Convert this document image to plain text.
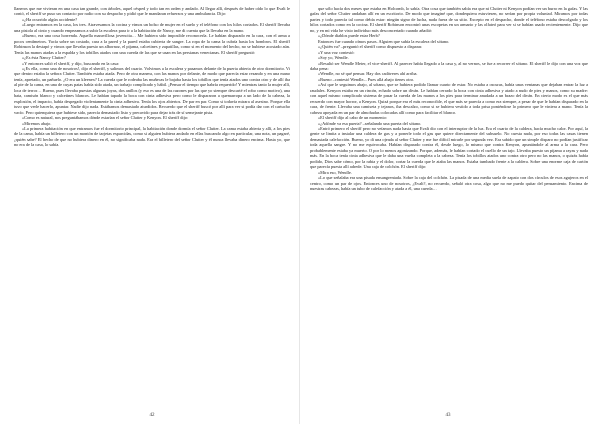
llaneros que me vivieran en una casa tan grande, con árboles, aquel césped y todo tan en orden y andado. Al llegar allí, después de haber oído lo que Evalt le contó, el sheriff se puso un contacto por radio con su despacho y pidió que le mandaran refuerzos y una ambulancia. Dijo:

»¿Ha ocurrido algún accidente?

»Luego entramos en la casa, los tres. Atravesamos la cocina y vimos un bolso de mujer en el suelo y el teléfono con los hilos cortados. El sheriff llevaba una pistola al cinto y cuando empezamos a subir la escalera para ir a la habitación de Nancy, me di cuenta que la llevaba en la mano.

»Bueno, era una cosa horrenda. Aquella maravillosa jovencita… Me hubiera sido imposible reconocerla. Le habían disparado en la cara, con el arma a pocos centímetros. Yacía sobre un costado, cara a la pared y la pared estaba cubierta de sangre. La ropa de la cama la cubría hasta los hombros. El sheriff Robinson la destapó y vimos que llevaba puesto un albornoz, el pijama, calcetines y zapatillas, como si en el momento del hecho, no se hubiese acostado aún. Tenía las manos atadas a la espalda y los tobillos atados con una cuerda de las que se usan en las persianas venecianas. El sheriff preguntó:

»¿Es ésta Nancy Clutter?

»Y entonces salió el sheriff, y dijo, buscando en la casa:

»¡Es ella, como una de nosotros!, dijo el sheriff, y salimos del cuarto. Volvimos a la escalera y pasamos delante de la puerta abierta de otro dormitorio. Vi que dentro estaba la señora Clutter. También estaba atada. Pero de otra manera, con las manos por delante, de modo que parecía estar rezando y en una mano tenía, apretado, un pañuelo. ¿O era un kleenex? La cuerda que le rodeaba las muñecas le bajaba hasta los tobillos que tenía atados uno contra otro y de allí iba al pie de la cama, en una de cuyas patas había sido atada, un trabajo complicado y hábil. ¡Pensar el tiempo que habría requerido! Y mientras tanto la mujer allí, loca de terror… Bueno, pues llevaba puestas algunas joyas, dos anillos (y eso es una de las razones por las que yo siempre descarté el robo como motivo), una bata, camisón blanco y calcetines blancos. Le habían tapado la boca con cinta adhesiva pero como le dispararon a quemarropa a un lado de la cabeza, la explosión, el impacto, había despegado violentamente la cinta adhesiva. Tenía los ojos abiertos. De par en par. Como si todavía mirara al asesino. Porque ella tuvo que verle hacerlo, apuntar. Nadie dijo nada. Estábamos demasiado aturdidos. Recuerdo que el sheriff buscó por allí para ver si podía dar con el cartucho vacío. Pero quienquiera que hubiese sido, parecía demasiado listo y precavido para dejar trás de sí semejante pista.

»Como es natural, nos preguntábamos dónde estarían el señor Clutter y Kenyon. El sheriff dijo:

»Miremos abajo.

»La primera habitación en que entramos fue el dormitorio principal, la habitación donde dormía el señor Clutter. La cama estaba abierta y allí, a los pies de la cama, había un billetero con un montón de tarjetas esparcidas, como si alguien hubiera andado en ellas buscando algo en particular, una nota, un pagaré, ¿quién sabe? El hecho de que no hubiera dinero en él, no significaba nada. Era el billetero del señor Clutter y él nunca llevaba dinero encima. Hasta yo, que no era de la casa, lo sabía.

42

que sólo hacía dos meses que estaba en Holcomb, lo sabía. Otra cosa que también sabía era que ni Clutter ni Kenyon podían ver un burro en la gafas. Y las gafas del señor Clutter andaban allí en un escritorio. De modo que imaginé que, dondequiera estuviesen, no serían por propia voluntad. Miramos por todas partes y todo parecía tal como debía estar: ningún signo de lucha, nada fuera de su sitio. Excepto en el despacho, donde el teléfono estaba descolgado y los hilos cortados como en la cocina. El sheriff Robinson encontró unas escopetas en un armario y las olfateó para ver si se habían usado recientemente. Dijo que no, y en mi vida he visto individuo más desconcertado cuando añadió:

»¿Dónde diablos puede estar Herb?

Entonces fue cuando oímos pasos. Alguien que subía la escalera del sótano.

»¿Quién va? –preguntó el sheriff como dispuesto a disparar.

»Y una voz contestó:

»Soy yo, Wendle.

»Resultó ser Wendle Meier, el vice-sheriff. Al parecer había llegado a la casa y, al no vernos, se fue a recorrer el sótano. El sheriff le dijo con una voz que daba pena:

»Wendle, no sé qué pensar. Hay dos cadáveres ahí arriba.

»Bueno –contestó Wendle–. Pues allá abajo tienes otro.

»Así que le seguimos abajo, al sótano, que se hubiera podido llamar cuarto de estar. No estaba a oscuras, había unas ventanas que dejaban entrar la luz a raudales. Kenyon estaba en un rincón, echado sobre un diván. Le habían cerrado la boca con cinta adhesiva y atado a nudo de pies y manos, como su madre: con aquel mismo complicado sistema de pasar la cuerda de las manos a los pies para terminar anudada a un brazo del diván. En cierto modo es el que más recuerdo con mayor horror, a Kenyon. Quizá porque era el más reconocible, el que más se parecía a como era siempre, a pesar de que le habían disparado en la cara, de frente. Llevaba una camiseta y tejanos, iba descalzo, como si se hubiera vestido a toda prisa poniéndose lo primero que le viniera a mano. Tenía la cabeza apoyada en un par de almohadas colocadas allí como para facilitar el blanco.

»El sheriff dijo al cabo de un momento:

»¿Adónde va esa puerta? –señalando una puerta del sótano.

»Entró primero el sheriff pero no veíamos nada hasta que Evalt dio con el interruptor de la luz. Era el cuarto de la caldera, hacía mucho calor. Por aquí, la gente se limita a instalar una caldera de gas y a ponerle todo el gas que quiere directamente del subsuelo. No cuesta nada, por eso todas las casas tienen demasiada calefacción. Bueno, yo di una ojeada al señor Clutter y me fue difícil mirarle por segunda vez. Era sabido que un simple disparo no podían justificar toda aquella sangre. Y no me equivocaba. Habían disparado contra él, desde luego, lo mismo que contra Kenyon, apuntándole al arma a la cara. Pero probablemente estaba ya muerto. O por lo menos agonizando. Porque, además, le habían cortado el cuello de un tajo. Llevaba puesto un pijama a rayas y nada más. En la boca tenía cinta adhesiva que le daba una vuelta completa a la cabeza. Tenía los tobillos atados uno contra otro pero no las manos, o quizás había podido, Dios sabe cómo, por la rabia y el dolor, cortar la cuerda que le ataba las manos. Estaba tumbado frente a la caldera. Sobre una enorme caja de cartón que parecía puesta allí adrede. Una caja de colchón. El sheriff dijo:

»Mira eso, Wendle.

»Lo que señalaba era una pisada ensangrentada. Sobre la caja del colchón. La pisada de una media suela de zapato con dos círculos de esos agujeros en el centro, como un par de ojos. Entonces uno de nosotros, ¿Evalt?, no recuerdo, señaló otra cosa, algo que no me puedo quitar del pensamiento. Encima de nuestras cabezas, había un tubo de calefacción y atada a él, una cuerda…

43
